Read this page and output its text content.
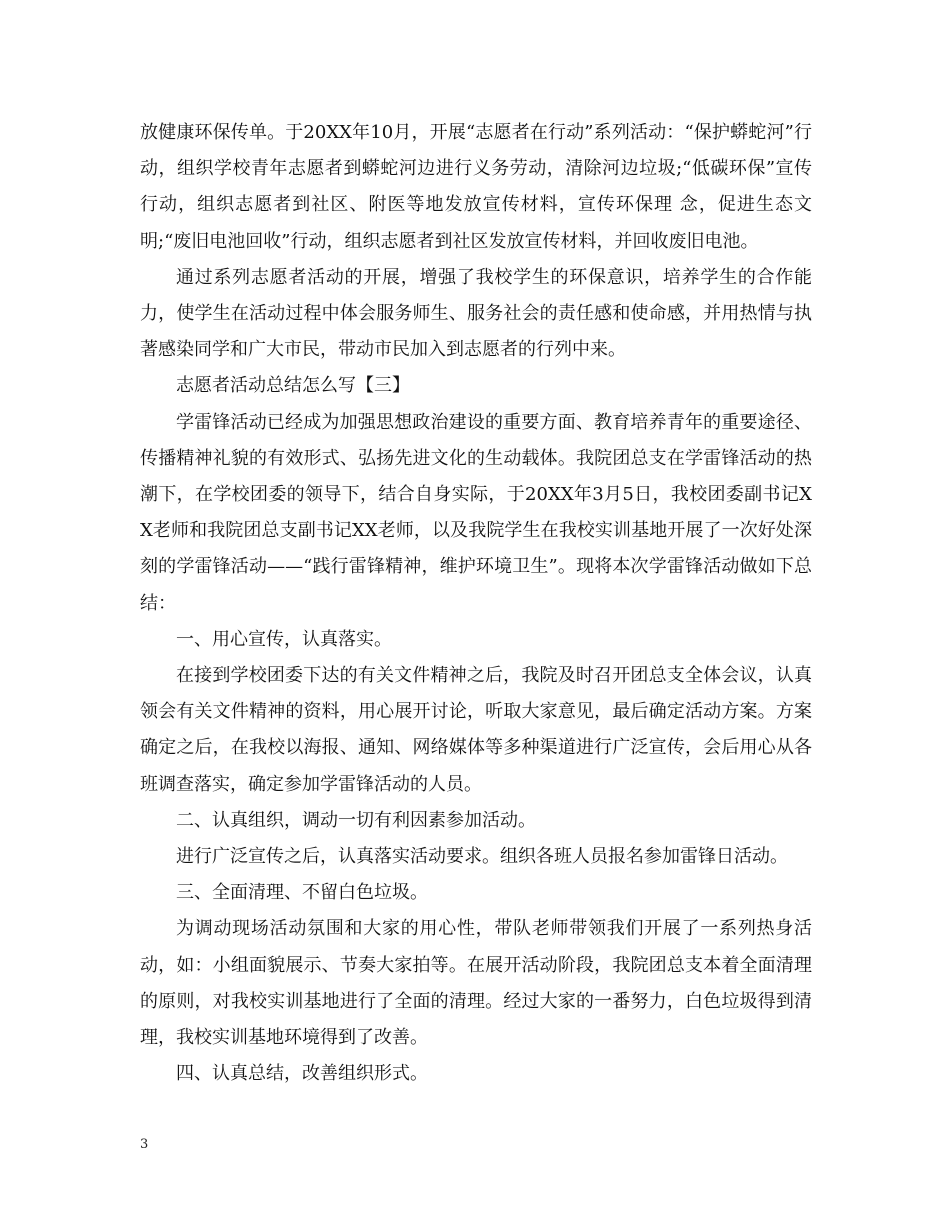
放健康环保传单。于20XX年10月，开展“志愿者在行动”系列活动：“保护蟒蛇河”行动，组织学校青年志愿者到蟒蛇河边进行义务劳动，清除河边垃圾;“低碳环保”宣传行动，组织志愿者到社区、附医等地发放宣传材料，宣传环保理 念，促进生态文明;“废旧电池回收”行动，组织志愿者到社区发放宣传材料，并回收废旧电池。

通过系列志愿者活动的开展，增强了我校学生的环保意识，培养学生的合作能力，使学生在活动过程中体会服务师生、服务社会的责任感和使命感，并用热情与执著感染同学和广大市民，带动市民加入到志愿者的行列中来。

志愿者活动总结怎么写【三】

学雷锋活动已经成为加强思想政治建设的重要方面、教育培养青年的重要途径、传播精神礼貌的有效形式、弘扬先进文化的生动载体。我院团总支在学雷锋活动的热潮下，在学校团委的领导下，结合自身实际，于20XX年3月5日，我校团委副书记XX老师和我院团总支副书记XX老师，以及我院学生在我校实训基地开展了一次好处深刻的学雷锋活动——“践行雷锋精神，维护环境卫生”。现将本次学雷锋活动做如下总结：

一、用心宣传，认真落实。

在接到学校团委下达的有关文件精神之后，我院及时召开团总支全体会议，认真领会有关文件精神的资料，用心展开讨论，听取大家意见，最后确定活动方案。方案确定之后，在我校以海报、通知、网络媒体等多种渠道进行广泛宣传，会后用心从各班调查落实，确定参加学雷锋活动的人员。

二、认真组织，调动一切有利因素参加活动。

进行广泛宣传之后，认真落实活动要求。组织各班人员报名参加雷锋日活动。

三、全面清理、不留白色垃圾。

为调动现场活动氛围和大家的用心性，带队老师带领我们开展了一系列热身活动，如：小组面貌展示、节奏大家拍等。在展开活动阶段，我院团总支本着全面清理的原则，对我校实训基地进行了全面的清理。经过大家的一番努力，白色垃圾得到清理，我校实训基地环境得到了改善。

四、认真总结，改善组织形式。

3
